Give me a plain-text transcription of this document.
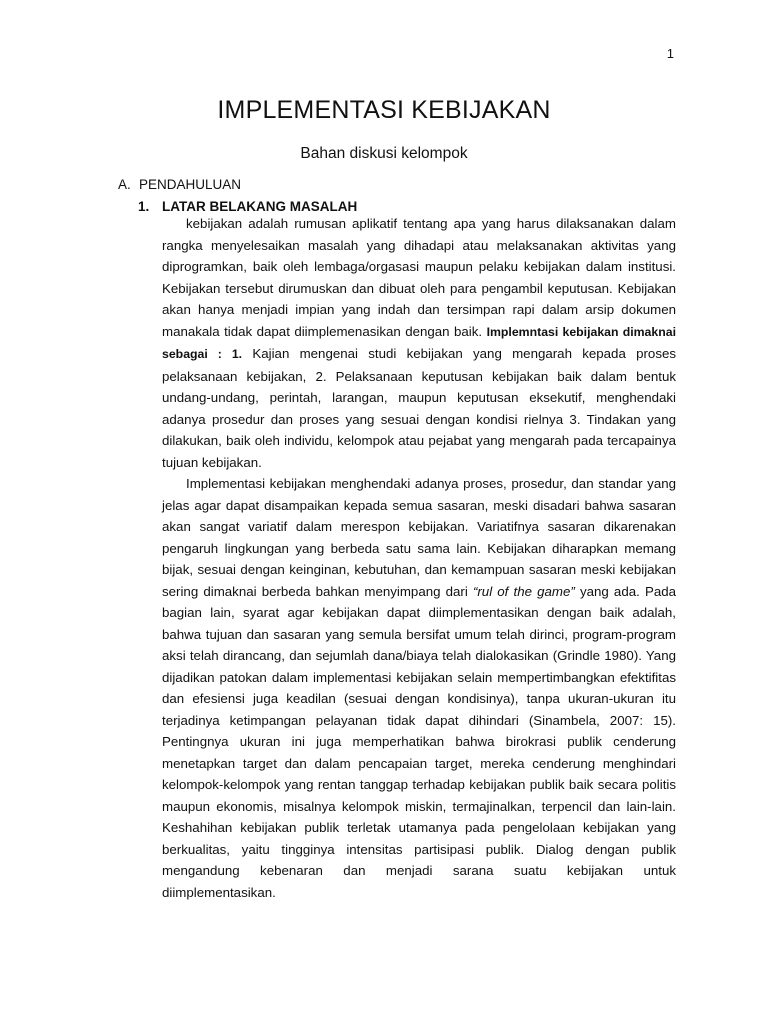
1
IMPLEMENTASI KEBIJAKAN
Bahan diskusi kelompok
A. PENDAHULUAN
1. LATAR BELAKANG MASALAH

kebijakan adalah rumusan aplikatif tentang apa yang harus dilaksanakan dalam rangka menyelesaikan masalah yang dihadapi atau melaksanakan aktivitas yang diprogramkan, baik oleh lembaga/orgasasi maupun pelaku kebijakan dalam institusi. Kebijakan tersebut dirumuskan dan dibuat oleh para pengambil keputusan. Kebijakan akan hanya menjadi impian yang indah dan tersimpan rapi dalam arsip dokumen manakala tidak dapat diimplemenasikan dengan baik. Implemntasi kebijakan dimaknai sebagai : 1. Kajian mengenai studi kebijakan yang mengarah kepada proses pelaksanaan kebijakan, 2. Pelaksanaan keputusan kebijakan baik dalam bentuk undang-undang, perintah, larangan, maupun keputusan eksekutif, menghendaki adanya prosedur dan proses yang sesuai dengan kondisi rielnya 3. Tindakan yang dilakukan, baik oleh individu, kelompok atau pejabat yang mengarah pada tercapainya tujuan kebijakan.

Implementasi kebijakan menghendaki adanya proses, prosedur, dan standar yang jelas agar dapat disampaikan kepada semua sasaran, meski disadari bahwa sasaran akan sangat variatif dalam merespon kebijakan. Variatifnya sasaran dikarenakan pengaruh lingkungan yang berbeda satu sama lain. Kebijakan diharapkan memang bijak, sesuai dengan keinginan, kebutuhan, dan kemampuan sasaran meski kebijakan sering dimaknai berbeda bahkan menyimpang dari “rul of the game” yang ada. Pada bagian lain, syarat agar kebijakan dapat diimplementasikan dengan baik adalah, bahwa tujuan dan sasaran yang semula bersifat umum telah dirinci, program-program aksi telah dirancang, dan sejumlah dana/biaya telah dialokasikan (Grindle 1980). Yang dijadikan patokan dalam implementasi kebijakan selain mempertimbangkan efektifitas dan efesiensi juga keadilan (sesuai dengan kondisinya), tanpa ukuran-ukuran itu terjadinya ketimpangan pelayanan tidak dapat dihindari (Sinambela, 2007: 15). Pentingnya ukuran ini juga memperhatikan bahwa birokrasi publik cenderung menetapkan target dan dalam pencapaian target, mereka cenderung menghindari kelompok-kelompok yang rentan tanggap terhadap kebijakan publik baik secara politis maupun ekonomis, misalnya kelompok miskin, termajinalkan, terpencil dan lain-lain. Keshahihan kebijakan publik terletak utamanya pada pengelolaan kebijakan yang berkualitas, yaitu tingginya intensitas partisipasi publik. Dialog dengan publik mengandung kebenaran dan menjadi sarana suatu kebijakan untuk diimplementasikan.
